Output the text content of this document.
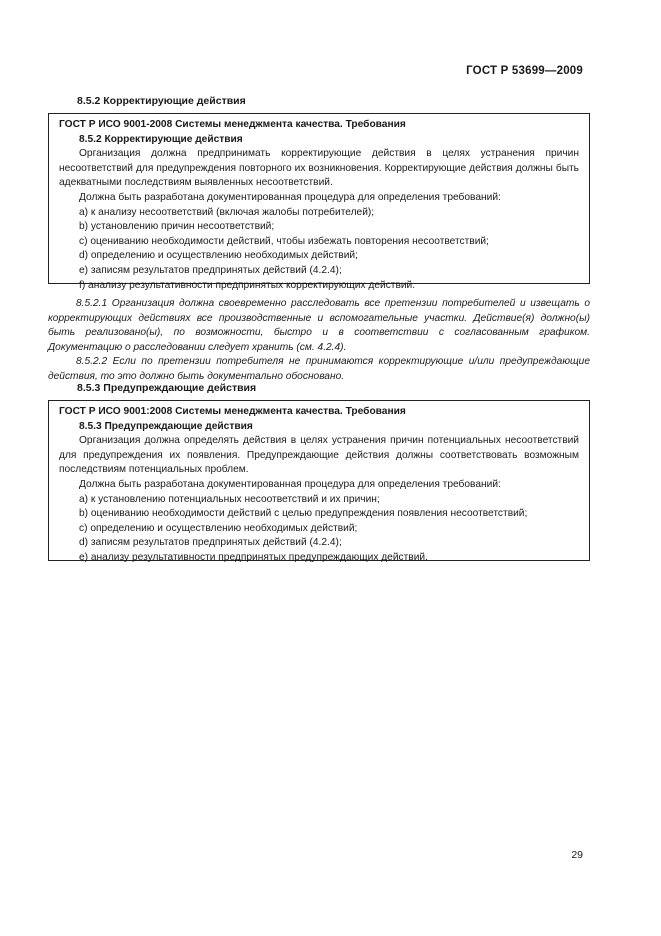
ГОСТ Р 53699—2009
8.5.2 Корректирующие действия

ГОСТ Р ИСО 9001-2008 Системы менеджмента качества. Требования

8.5.2 Корректирующие действия

Организация должна предпринимать корректирующие действия в целях устранения причин несоответствий для предупреждения повторного их возникновения. Корректирующие действия должны быть адекватными последствиям выявленных несоответствий.

Должна быть разработана документированная процедура для определения требований:

a) к анализу несоответствий (включая жалобы потребителей);

b) установлению причин несоответствий;

c) оцениванию необходимости действий, чтобы избежать повторения несоответствий;

d) определению и осуществлению необходимых действий;

e) записям результатов предпринятых действий (4.2.4);

f) анализу результативности предпринятых корректирующих действий.

8.5.2.1 Организация должна своевременно расследовать все претензии потребителей и извещать о корректирующих действиях все производственные и вспомогательные участки. Действие(я) должно(ы) быть реализовано(ы), по возможности, быстро и в соответствии с согласованным графиком. Документацию о расследовании следует хранить (см. 4.2.4).

8.5.2.2 Если по претензии потребителя не принимаются корректирующие и/или предупреждающие действия, то это должно быть документально обосновано.

8.5.3 Предупреждающие действия

ГОСТ Р ИСО 9001:2008 Системы менеджмента качества. Требования

8.5.3 Предупреждающие действия

Организация должна определять действия в целях устранения причин потенциальных несоответствий для предупреждения их появления. Предупреждающие действия должны соответствовать возможным последствиям потенциальных проблем.

Должна быть разработана документированная процедура для определения требований:

a) к установлению потенциальных несоответствий и их причин;

b) оцениванию необходимости действий с целью предупреждения появления несоответствий;

c) определению и осуществлению необходимых действий;

d) записям результатов предпринятых действий (4.2.4);

e) анализу результативности предпринятых предупреждающих действий.

29
